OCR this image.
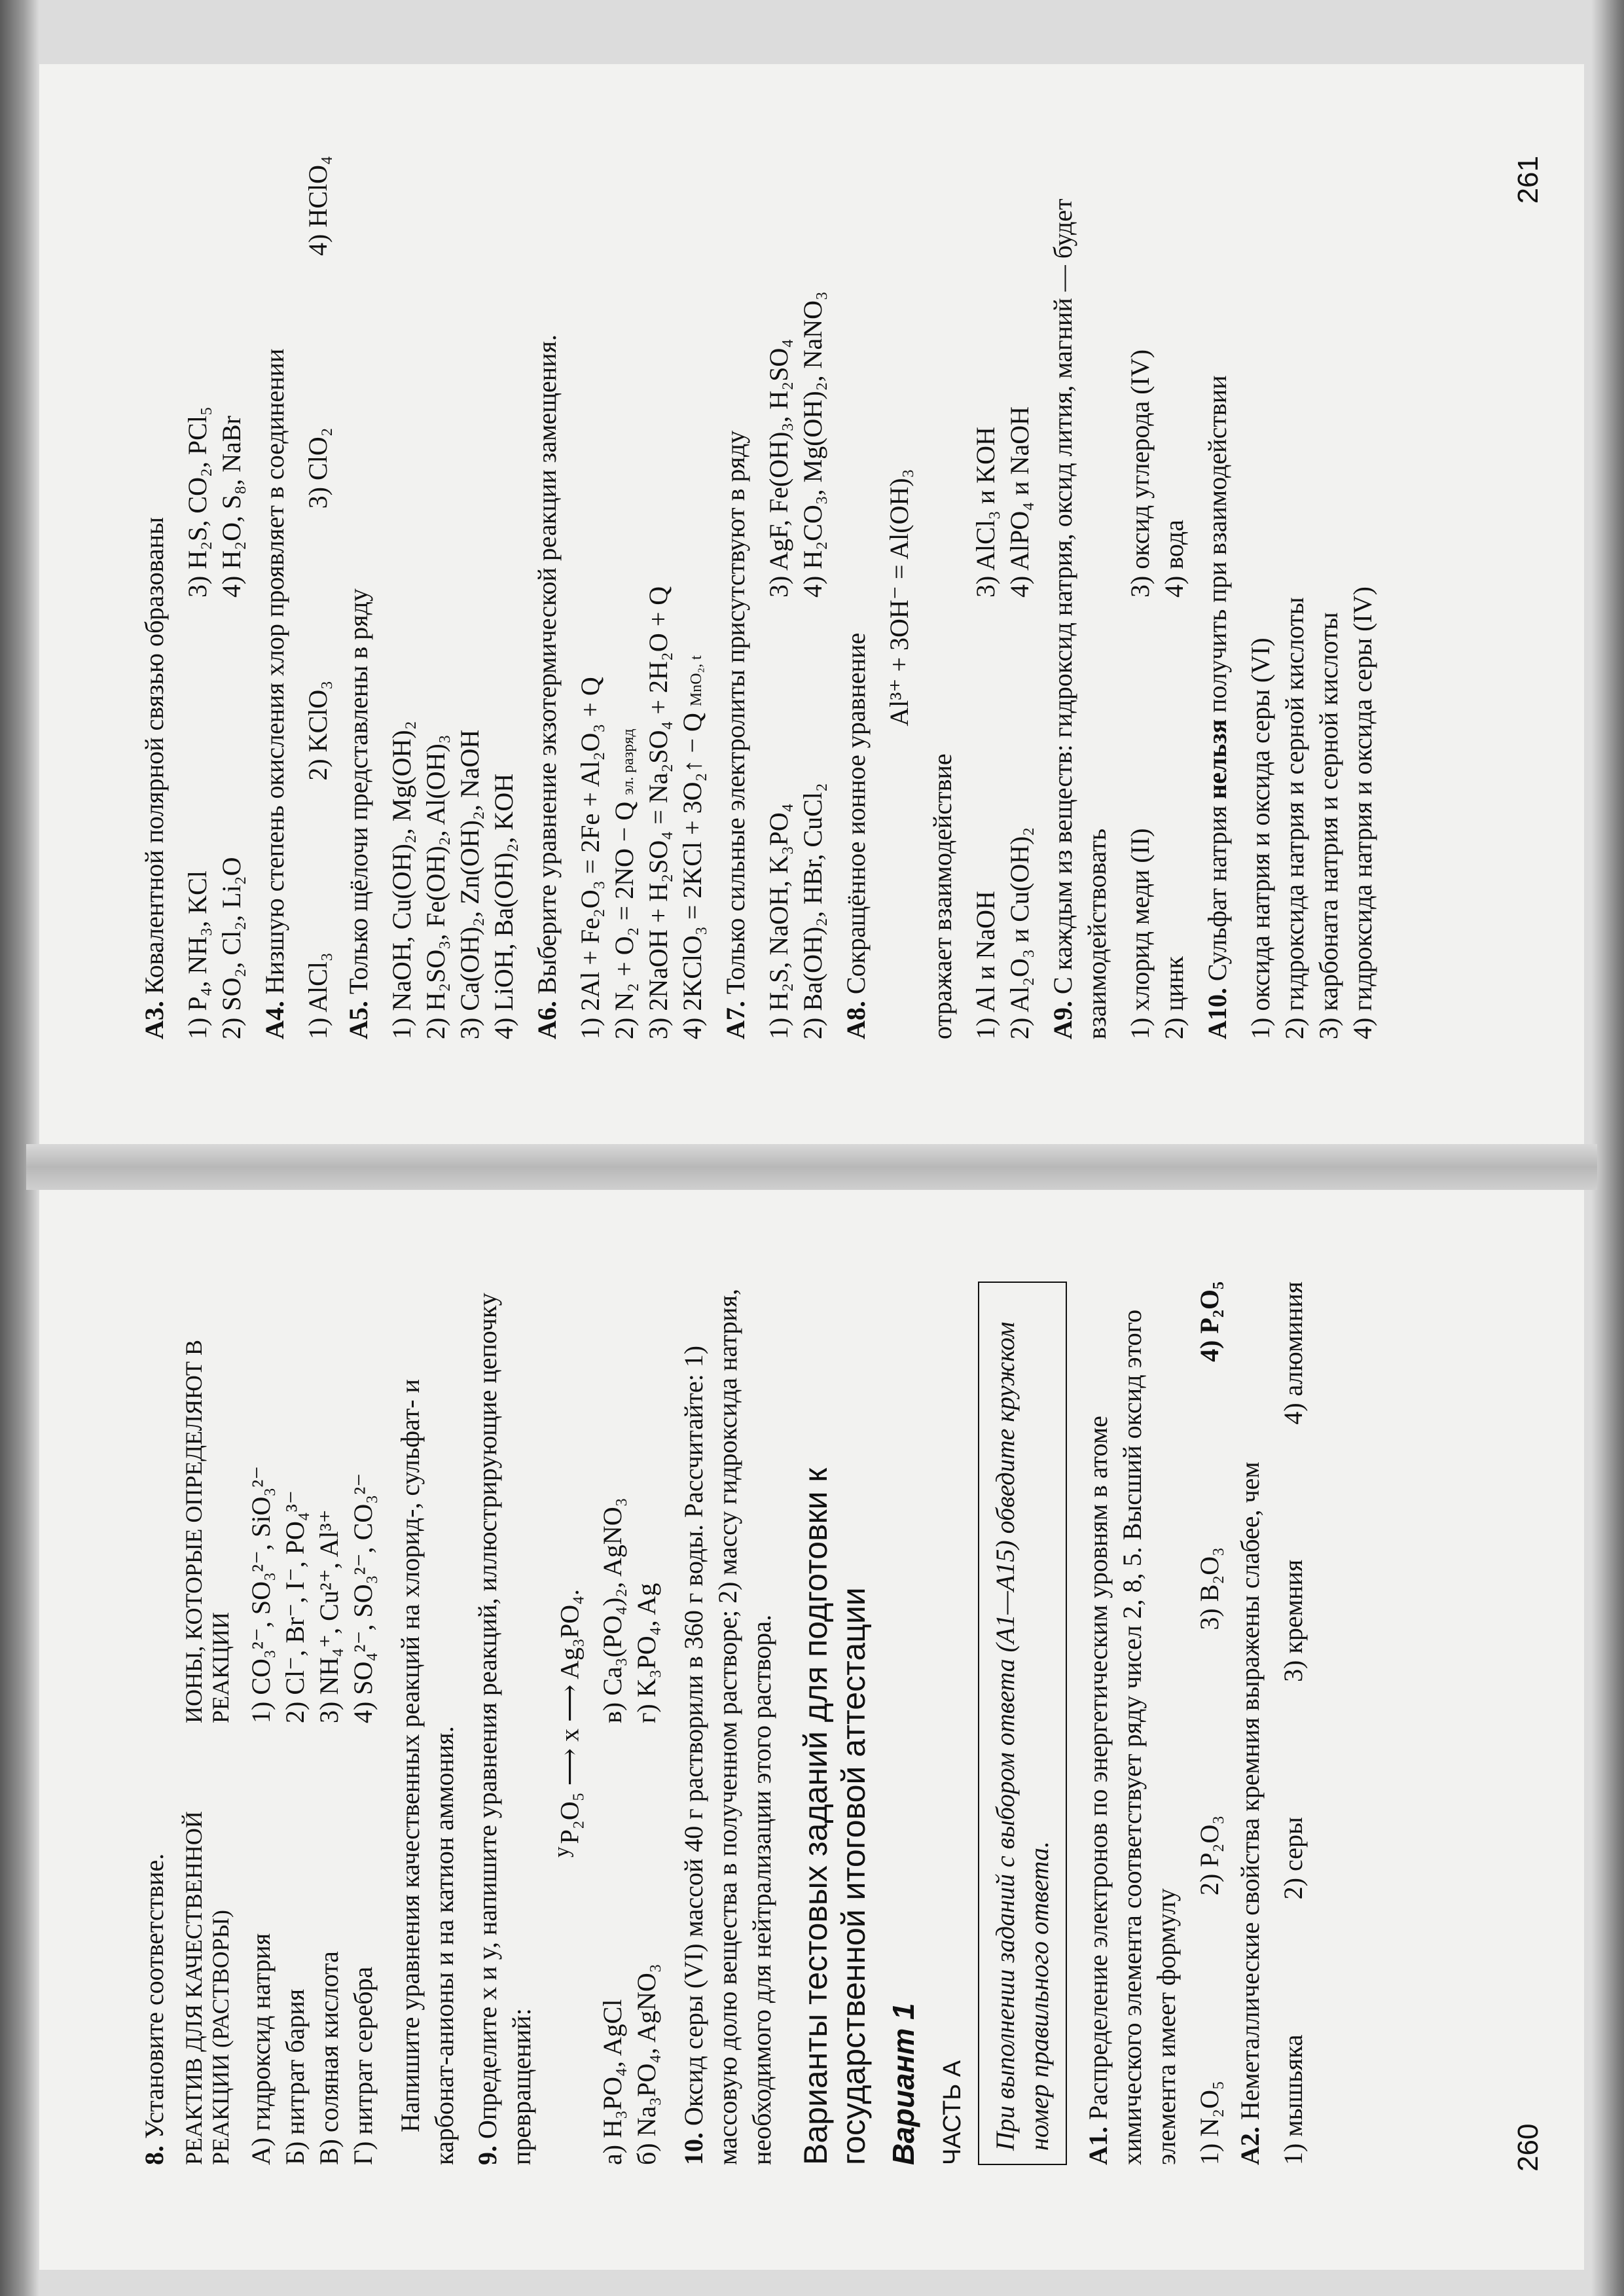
8. Установите соответствие. РЕАКТИВ ДЛЯ КАЧЕСТВЕННОЙ РЕАКЦИИ (РАСТВОРЫ)
ИОНЫ, КОТОРЫЕ ОПРЕДЕЛЯЮТ В РЕАКЦИИ
А) гидроксид натрия
1) CO₃²⁻, SO₃²⁻, SiO₃²⁻
Б) нитрат бария
2) Cl⁻, Br⁻, I⁻, PO₄³⁻
В) соляная кислота
3) NH₄⁺, Cu²⁺, Al³⁺
Г) нитрат серебра
4) SO₄²⁻, SO₃²⁻, CO₃²⁻ Напишите уравнения качественных реакций на хлорид-, сульфат- и карбонат-анионы и на катион аммония. 9. Определите x и y, напишите уравнения реакций, иллюстрирующие цепочку превращений:

$^y$P₂O₅ ⟶ x ⟶ Ag₃PO₄.

а) H₃PO₄, AgCl
в) Ca₃(PO₄)₂, AgNO₃
б) Na₃PO₄, AgNO₃
г) K₃PO₄, Ag

10. Оксид серы (VI) массой 40 г растворили в 360 г воды. Рассчитайте: 1) массовую долю вещества в полученном растворе; 2) массу гидроксида натрия, необходимого для нейтрализации этого раствора. Варианты тестовых заданий для подготовки к государственной итоговой аттестации Вариант 1 ЧАСТЬ А При выполнении заданий с выбором ответа (А1—А15) обведите кружком номер правильного ответа.	А1. Распределение электронов по энергетическим уровням в атоме химического элемента соответствует ряду чисел 2, 8, 5. Высший оксид этого элемента имеет формулу 1) N₂O₅
2) P₂O₃
3) B₂O₃
4) P₂O₅

А2. Неметаллические свойства кремния выражены слабее, чем 1) мышьяка
2) серы
3) кремния
4) алюминия
260

А3. Ковалентной полярной связью образованы 1) P₄, NH₃, KCl
3) H₂S, CO₂, PCl₅
2) SO₂, Cl₂, Li₂O
4) H₂O, S₈, NaBr

А4. Низшую степень окисления хлор проявляет в соединении

1) AlCl₃
2) KClO₃
3) ClO₂
4) HClO₄

А5. Только щёлочи представлены в ряду 1) NaOH, Cu(OH)₂, Mg(OH)₂ 2) H₂SO₃, Fe(OH)₂, Al(OH)₃ 3) Ca(OH)₂, Zn(OH)₂, NaOH 4) LiOH, Ba(OH)₂, KOH А6. Выберите уравнение экзотермической реакции замещения. 1) 2Al + Fe₂O₃ = 2Fe + Al₂O₃ + Q 2) N₂ + O₂ = 2NO − Q эл. разряд 3) 2NaOH + H₂SO₄ = Na₂SO₄ + 2H₂O + Q 4) 2KClO₃ = 2KCl + 3O₂↑ − Q MnO₂, t

А7. Только сильные электролиты присутствуют в ряду 1) H₂S, NaOH, K₃PO₄
3) AgF, Fe(OH)₃, H₂SO₄
2) Ba(OH)₂, HBr, CuCl₂
4) H₂CO₃, Mg(OH)₂, NaNO₃

А8. Сокращённое ионное уравнение

Al³⁺ + 3OH⁻ = Al(OH)₃

отражает взаимодействие 1) Al и NaOH
3) AlCl₃ и KOH
2) Al₂O₃ и Cu(OH)₂
4) AlPO₄ и NaOH

А9. С каждым из веществ: гидроксид натрия, оксид лития, магний — будет взаимодействовать 1) хлорид меди (II)
3) оксид углерода (IV)
2) цинк
4) вода

А10. Сульфат натрия нельзя получить при взаимодействии

1) оксида натрия и оксида серы (VI) 2) гидроксида натрия и серной кислоты 3) карбоната натрия и серной кислоты 4) гидроксида натрия и оксида серы (IV)
261
